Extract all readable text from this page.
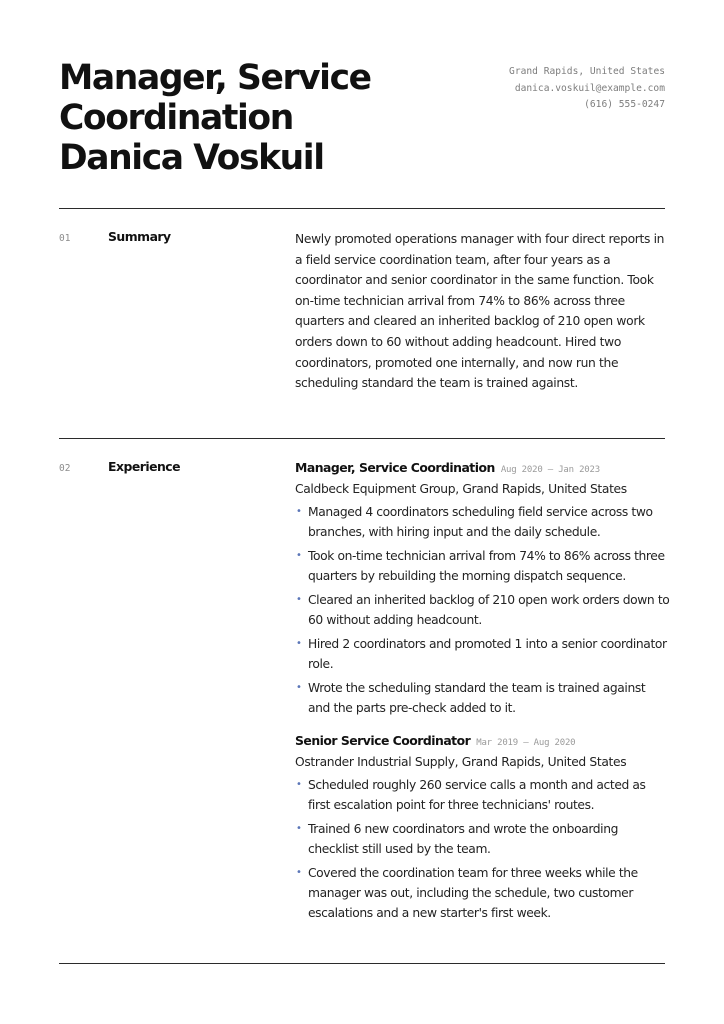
Manager, Service
Coordination
Danica Voskuil
Grand Rapids, United States
danica.voskuil@example.com
(616) 555-0247
01	Summary	Newly promoted operations manager with four direct reports in a field service coordination team, after four years as a coordinator and senior coordinator in the same function. Took on-time technician arrival from 74% to 86% across three quarters and cleared an inherited backlog of 210 open work orders down to 60 without adding headcount. Hired two coordinators, promoted one internally, and now run the scheduling standard the team is trained against.
02	Experience	Manager, Service Coordination Aug 2020 – Jan 2023
Caldbeck Equipment Group, Grand Rapids, United States
• Managed 4 coordinators scheduling field service across two branches, with hiring input and the daily schedule.
• Took on-time technician arrival from 74% to 86% across three quarters by rebuilding the morning dispatch sequence.
• Cleared an inherited backlog of 210 open work orders down to 60 without adding headcount.
• Hired 2 coordinators and promoted 1 into a senior coordinator role.
• Wrote the scheduling standard the team is trained against and the parts pre-check added to it.
Senior Service Coordinator Mar 2019 – Aug 2020
Ostrander Industrial Supply, Grand Rapids, United States
• Scheduled roughly 260 service calls a month and acted as first escalation point for three technicians' routes.
• Trained 6 new coordinators and wrote the onboarding checklist still used by the team.
• Covered the coordination team for three weeks while the manager was out, including the schedule, two customer escalations and a new starter's first week.
